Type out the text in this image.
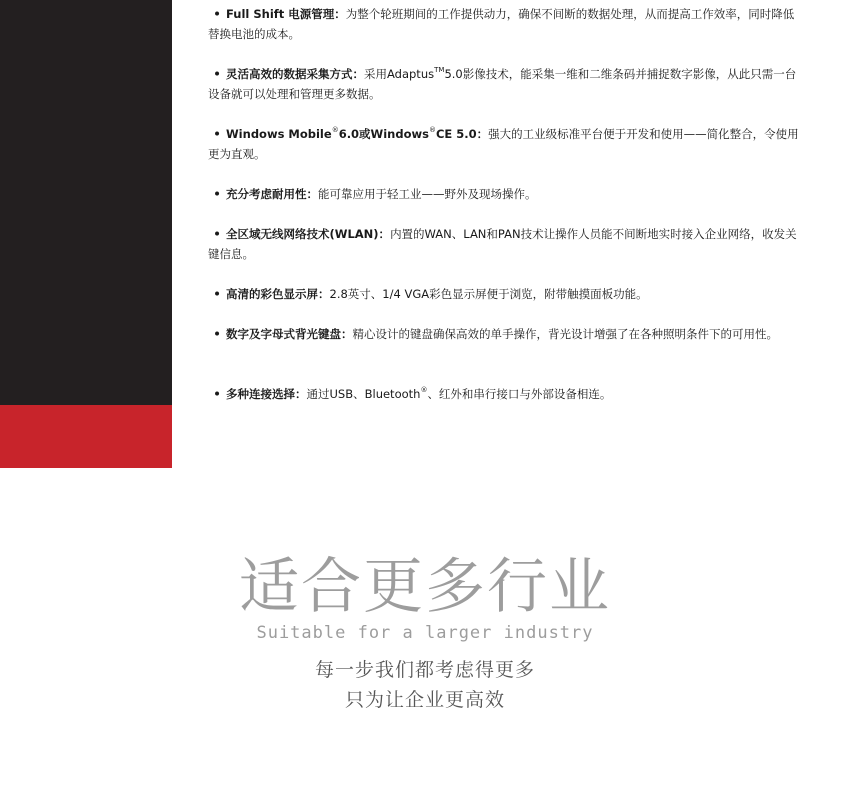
• Full Shift 电源管理：为整个轮班期间的工作提供动力，确保不间断的数据处理，从而提高工作效率，同时降低替换电池的成本。
• 灵活高效的数据采集方式：采用Adaptus™5.0影像技术，能采集一维和二维条码并捕捉数字影像，从此只需一台设备就可以处理和管理更多数据。
• Windows Mobile®6.0或Windows®CE 5.0：强大的工业级标准平台便于开发和使用——简化整合，令使用更为直观。
• 充分考虑耐用性：能可靠应用于轻工业——野外及现场操作。
• 全区域无线网络技术(WLAN)：内置的WAN、LAN和PAN技术让操作人员能不间断地实时接入企业网络，收发关键信息。
• 高清的彩色显示屏：2.8英寸、1/4 VGA彩色显示屏便于浏览，附带触摸面板功能。
• 数字及字母式背光键盘：精心设计的键盘确保高效的单手操作，背光设计增强了在各种照明条件下的可用性。
• 多种连接选择：通过USB、Bluetooth®、红外和串行接口与外部设备相连。
适合更多行业
Suitable for a larger industry
每一步我们都考虑得更多
只为让企业更高效
